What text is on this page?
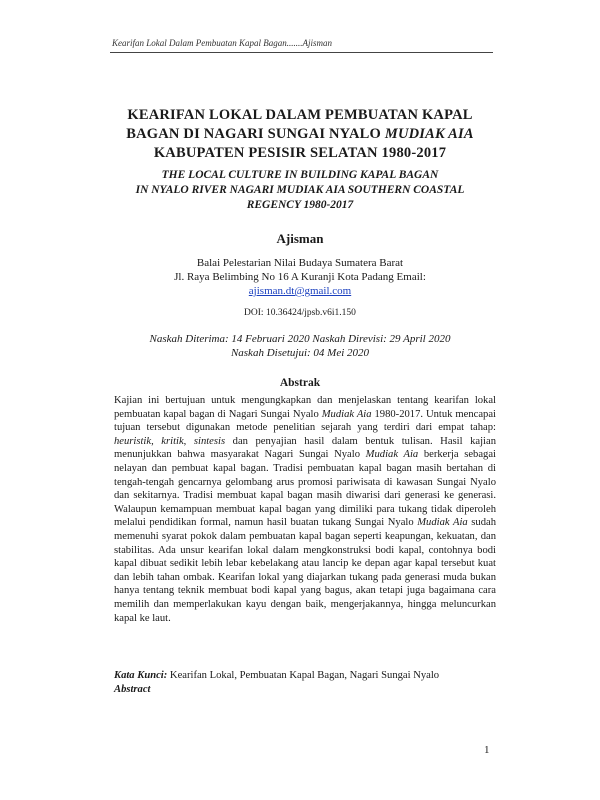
Kearifan Lokal Dalam Pembuatan Kapal Bagan.......Ajisman
KEARIFAN LOKAL DALAM PEMBUATAN KAPAL
BAGAN DI NAGARI SUNGAI NYALO MUDIAK AIA
KABUPATEN PESISIR SELATAN 1980-2017
THE LOCAL CULTURE IN BUILDING KAPAL BAGAN
IN NYALO RIVER NAGARI MUDIAK AIA SOUTHERN COASTAL
REGENCY 1980-2017
Ajisman
Balai Pelestarian Nilai Budaya Sumatera Barat
Jl. Raya Belimbing No 16 A Kuranji Kota Padang Email:
ajisman.dt@gmail.com
DOI: 10.36424/jpsb.v6i1.150
Naskah Diterima: 14 Februari 2020 Naskah Direvisi: 29 April 2020
Naskah Disetujui: 04 Mei 2020
Abstrak

Kajian ini bertujuan untuk mengungkapkan dan menjelaskan tentang kearifan lokal pembuatan kapal bagan di Nagari Sungai Nyalo Mudiak Aia 1980-2017. Untuk mencapai tujuan tersebut digunakan metode penelitian sejarah yang terdiri dari empat tahap: heuristik, kritik, sintesis dan penyajian hasil dalam bentuk tulisan. Hasil kajian menunjukkan bahwa masyarakat Nagari Sungai Nyalo Mudiak Aia berkerja sebagai nelayan dan pembuat kapal bagan. Tradisi pembuatan kapal bagan masih bertahan di tengah-tengah gencarnya gelombang arus promosi pariwisata di kawasan Sungai Nyalo dan sekitarnya. Tradisi membuat kapal bagan masih diwarisi dari generasi ke generasi. Walaupun kemampuan membuat kapal bagan yang dimiliki para tukang tidak diperoleh melalui pendidikan formal, namun hasil buatan tukang Sungai Nyalo Mudiak Aia sudah memenuhi syarat pokok dalam pembuatan kapal bagan seperti keapungan, kekuatan, dan stabilitas. Ada unsur kearifan lokal dalam mengkonstruksi bodi kapal, contohnya bodi kapal dibuat sedikit lebih lebar kebelakang atau lancip ke depan agar kapal tersebut kuat dan lebih tahan ombak. Kearifan lokal yang diajarkan tukang pada generasi muda bukan hanya tentang teknik membuat bodi kapal yang bagus, akan tetapi juga bagaimana cara memilih dan memperlakukan kayu dengan baik, mengerjakannya, hingga meluncurkan kapal ke laut.

Kata Kunci: Kearifan Lokal, Pembuatan Kapal Bagan, Nagari Sungai Nyalo
Abstract
1
